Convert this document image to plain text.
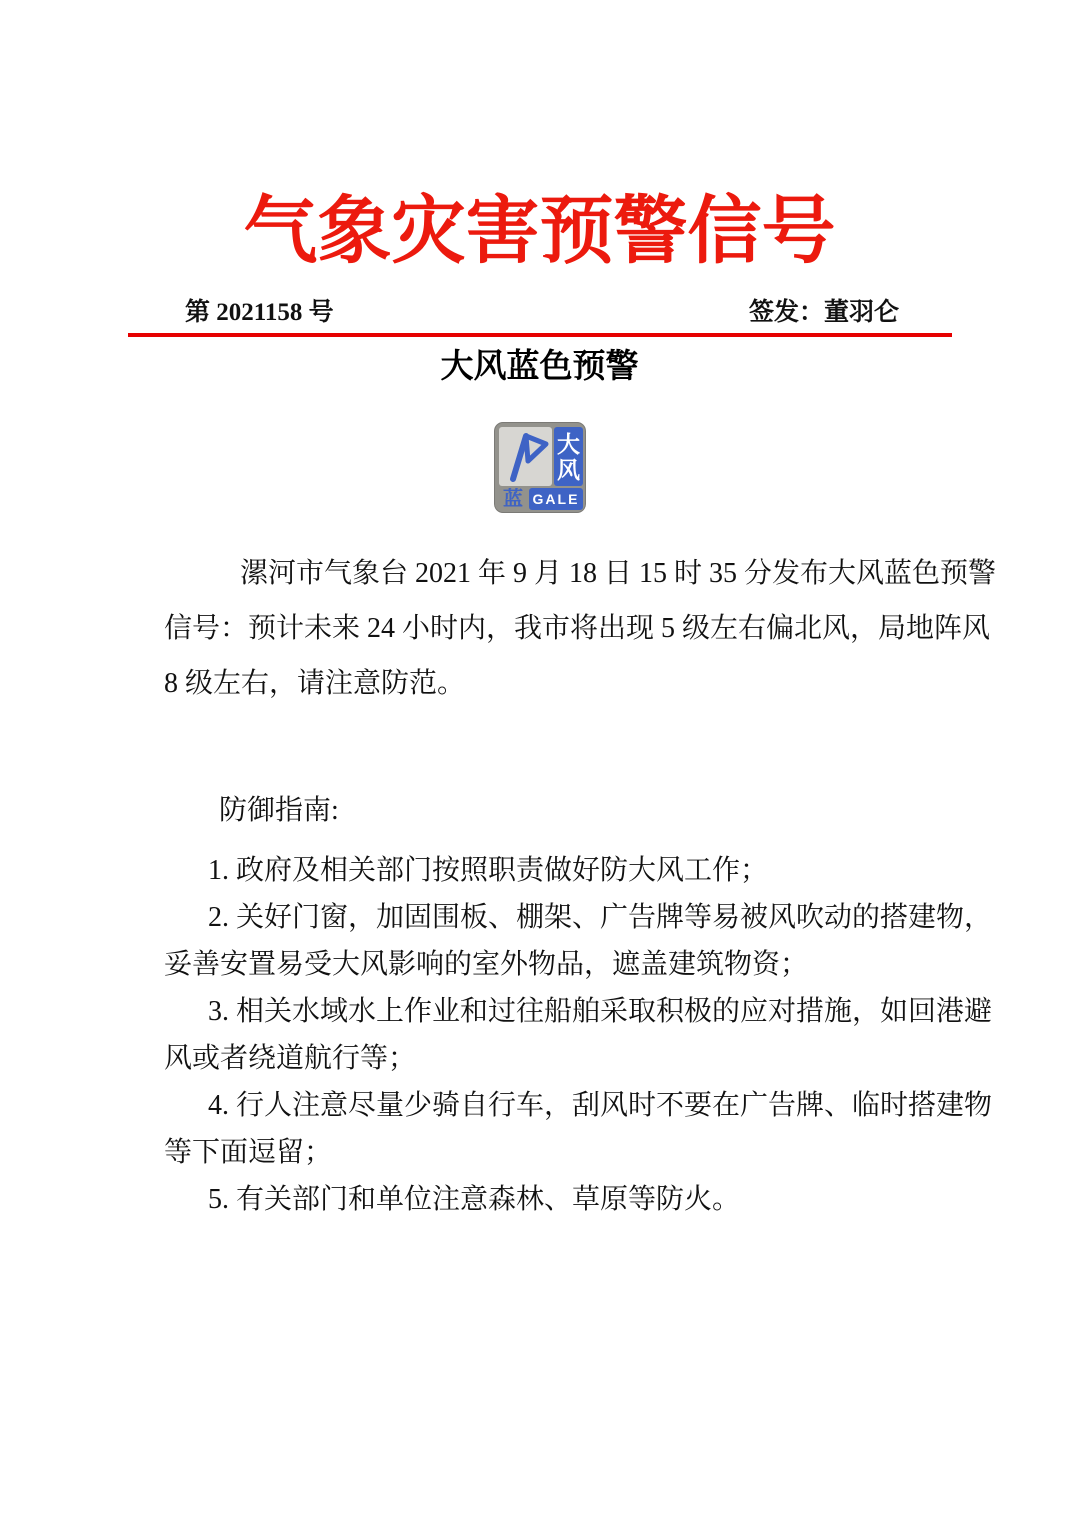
气象灾害预警信号
第 2021158 号	签发：董羽仑
大风蓝色预警
大
风
蓝 GALE
漯河市气象台 2021 年 9 月 18 日 15 时 35 分发布大风蓝色预警
信号：预计未来 24 小时内，我市将出现 5 级左右偏北风，局地阵风
8 级左右，请注意防范。
防御指南:
1. 政府及相关部门按照职责做好防大风工作；
2. 关好门窗，加固围板、棚架、广告牌等易被风吹动的搭建物，
妥善安置易受大风影响的室外物品，遮盖建筑物资；
3. 相关水域水上作业和过往船舶采取积极的应对措施，如回港避
风或者绕道航行等；
4. 行人注意尽量少骑自行车，刮风时不要在广告牌、临时搭建物
等下面逗留；
5. 有关部门和单位注意森林、草原等防火。
